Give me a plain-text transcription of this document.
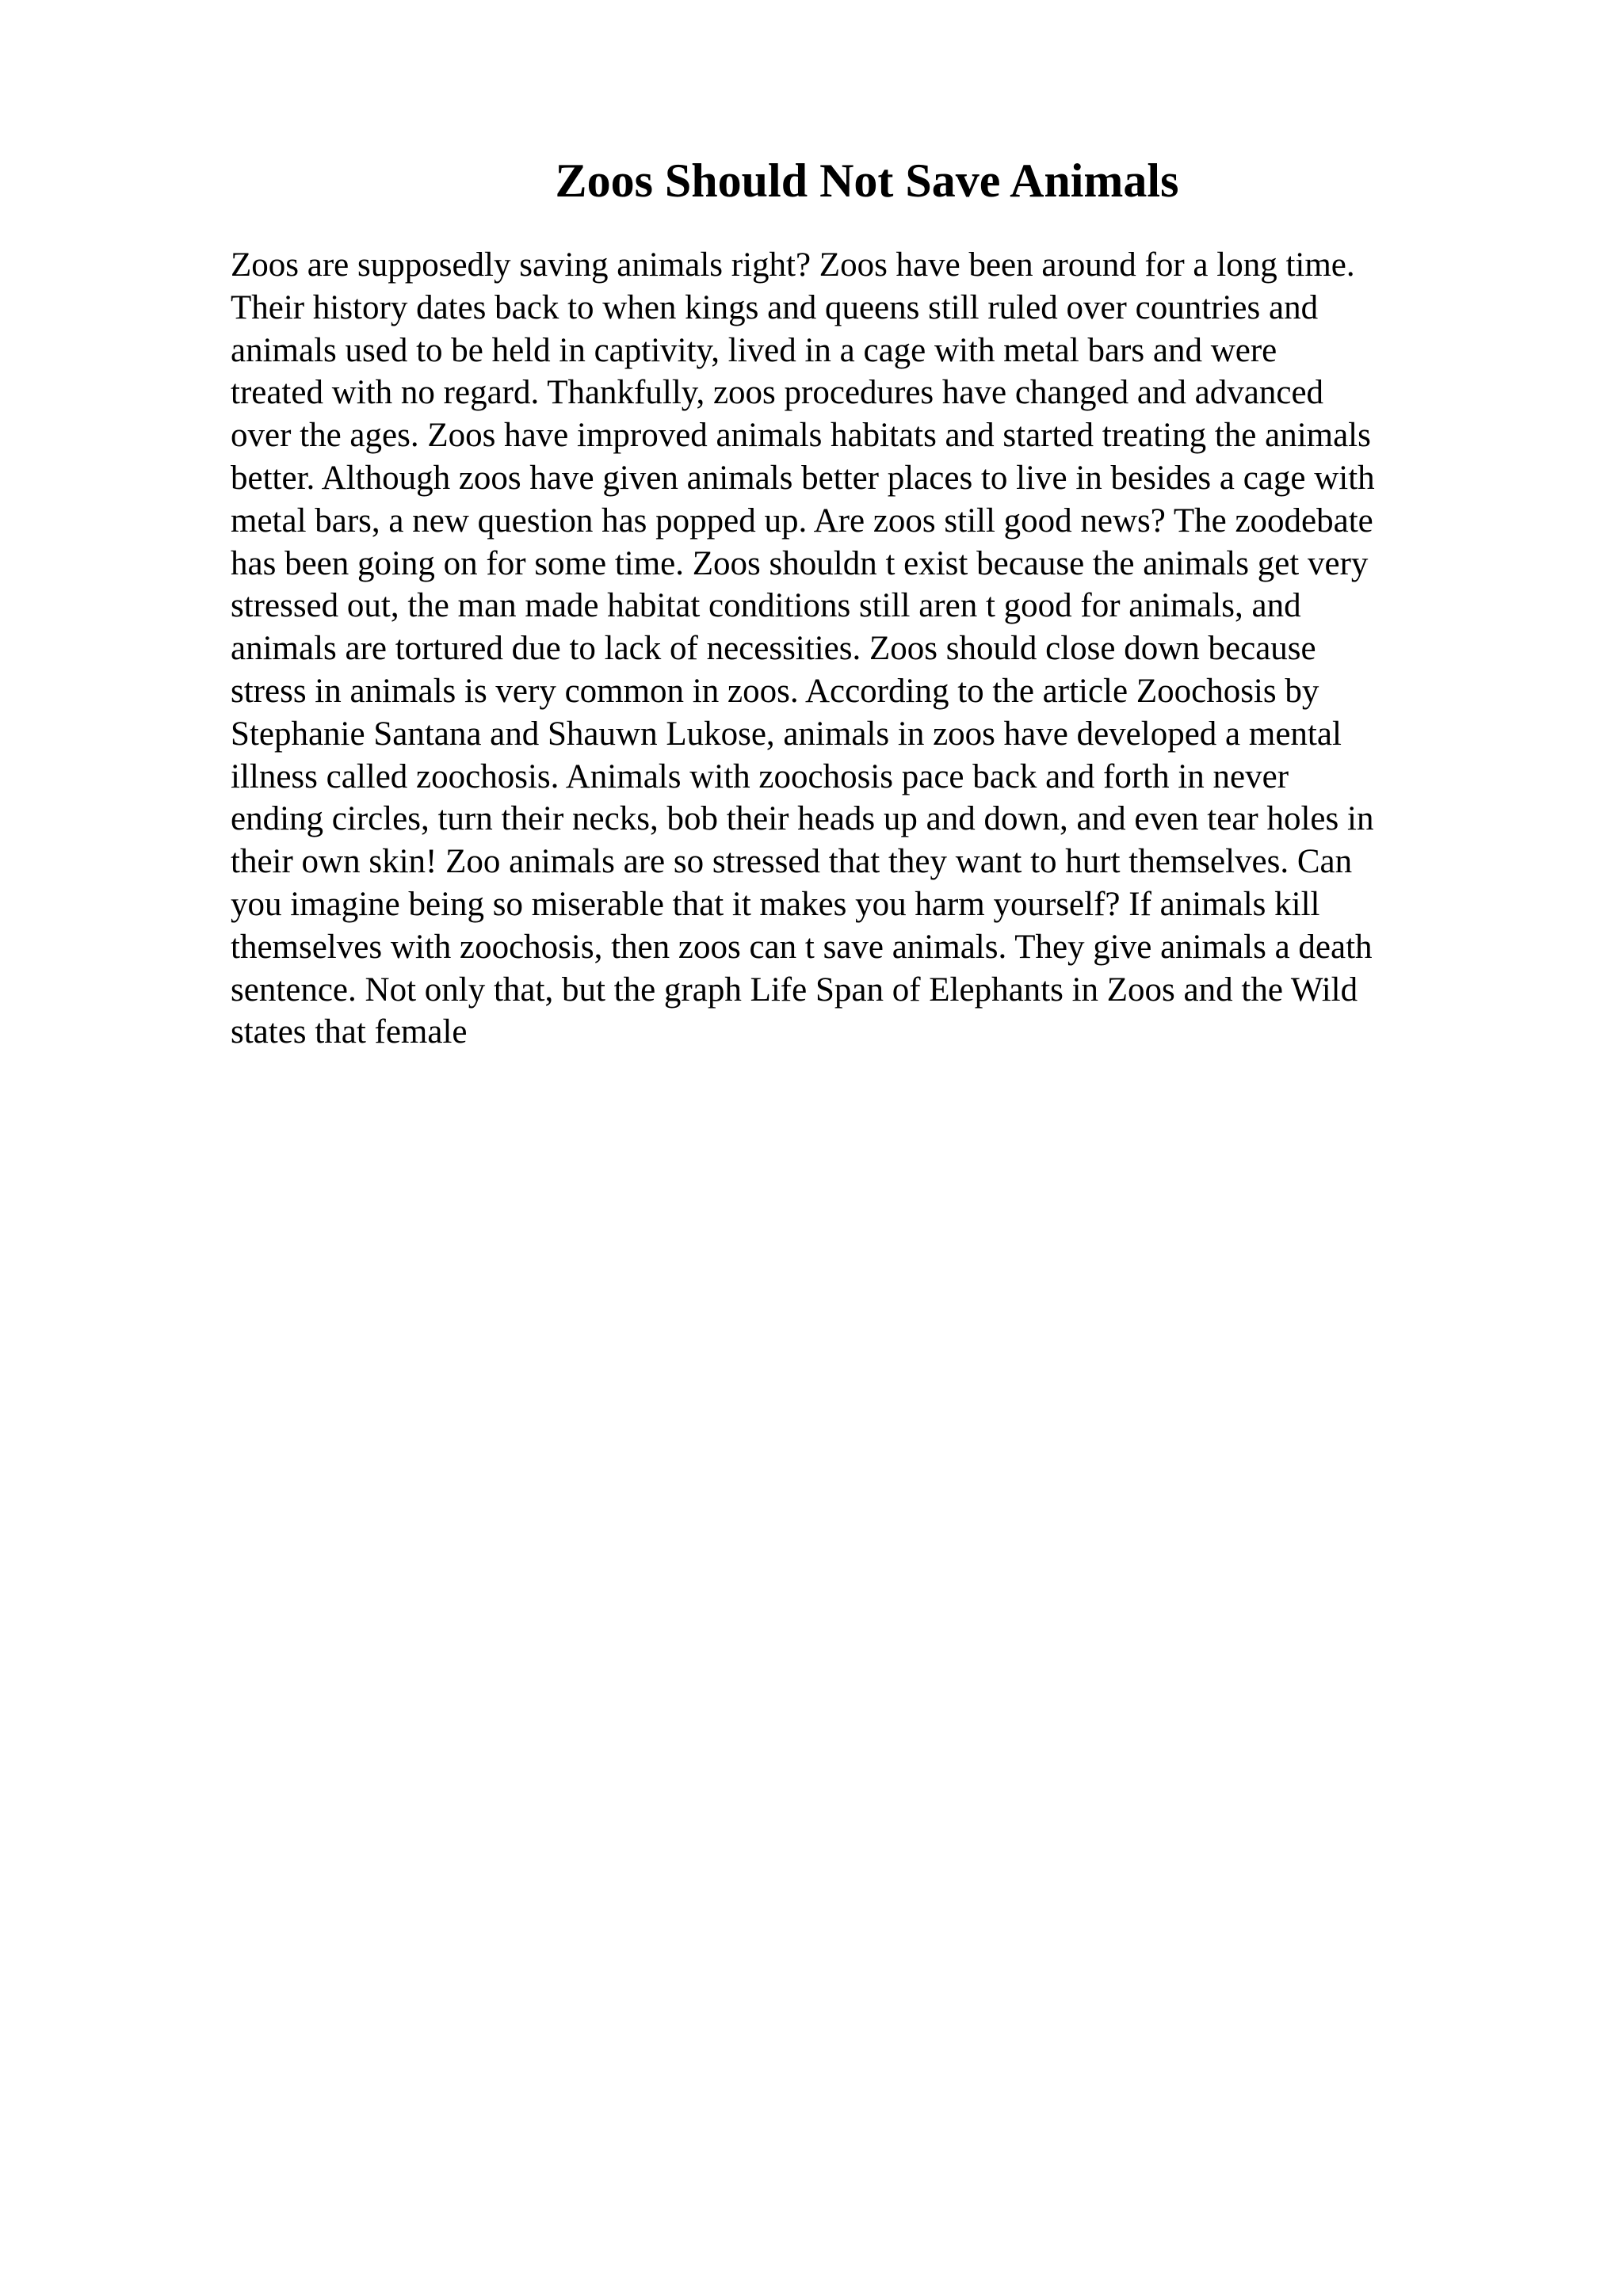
Zoos Should Not Save Animals
Zoos are supposedly saving animals right? Zoos have been around for a long time.
Their history dates back to when kings and queens still ruled over countries and
animals used to be held in captivity, lived in a cage with metal bars and were
treated with no regard. Thankfully, zoos procedures have changed and advanced
over the ages. Zoos have improved animals habitats and started treating the animals
better. Although zoos have given animals better places to live in besides a cage with
metal bars, a new question has popped up. Are zoos still good news? The zoodebate
has been going on for some time. Zoos shouldn t exist because the animals get very
stressed out, the man made habitat conditions still aren t good for animals, and
animals are tortured due to lack of necessities. Zoos should close down because
stress in animals is very common in zoos. According to the article Zoochosis by
Stephanie Santana and Shauwn Lukose, animals in zoos have developed a mental
illness called zoochosis. Animals with zoochosis pace back and forth in never
ending circles, turn their necks, bob their heads up and down, and even tear holes in
their own skin! Zoo animals are so stressed that they want to hurt themselves. Can
you imagine being so miserable that it makes you harm yourself? If animals kill
themselves with zoochosis, then zoos can t save animals. They give animals a death
sentence. Not only that, but the graph Life Span of Elephants in Zoos and the Wild
states that female
